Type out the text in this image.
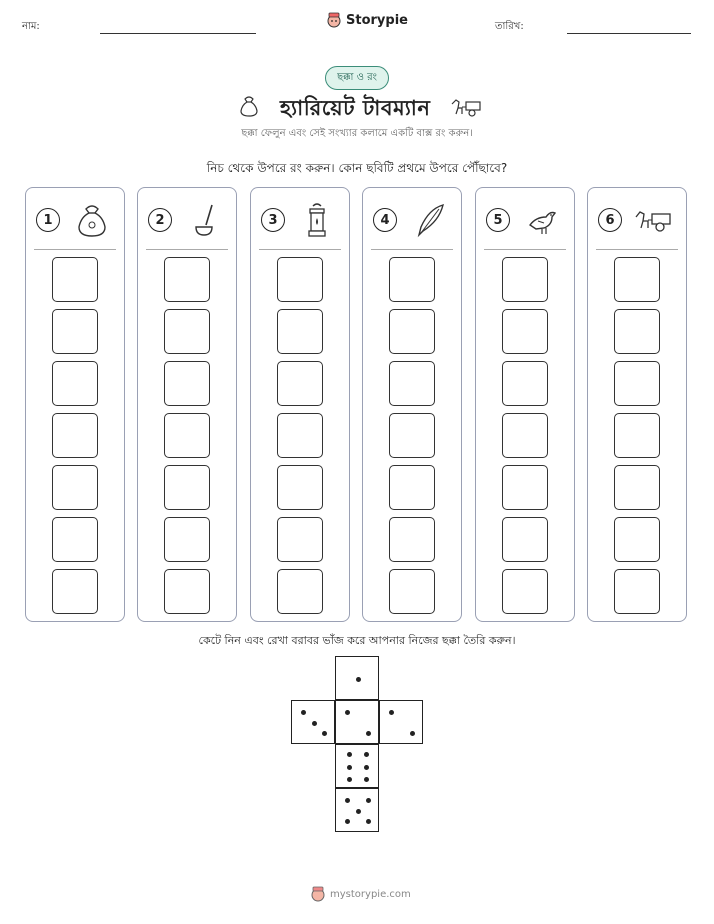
নাম:	Storypie	তারিখ:
ছক্কা ও রং
হ্যারিয়েট টাবম্যান
ছক্কা ফেলুন এবং সেই সংখ্যার কলামে একটি বাক্স রং করুন।
নিচ থেকে উপরে রং করুন। কোন ছবিটি প্রথমে উপরে পৌঁছাবে?
1	2	3	4	5	6
কেটে নিন এবং রেখা বরাবর ভাঁজ করে আপনার নিজের ছক্কা তৈরি করুন।
mystorypie.com
